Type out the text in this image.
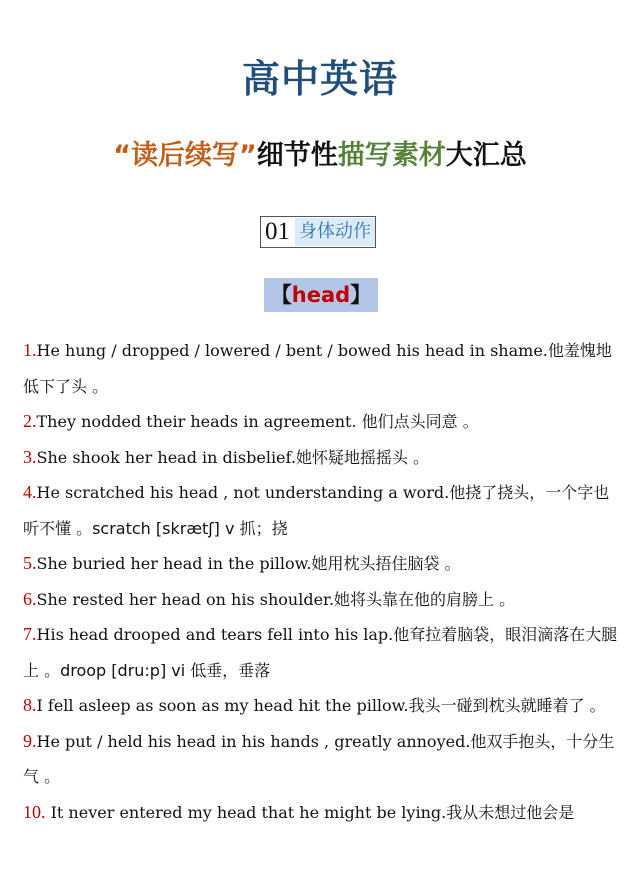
高中英语
“读后续写”细节性描写素材大汇总
01 身体动作
【head】

1.He hung / dropped / lowered / bent / bowed his head in shame.他羞愧地低下了头 。

2.They nodded their heads in agreement. 他们点头同意 。

3.She shook her head in disbelief.她怀疑地摇摇头 。

4.He scratched his head , not understanding a word.他挠了挠头，一个字也听不懂 。scratch [skrætʃ] v 抓；挠

5.She buried her head in the pillow.她用枕头捂住脑袋 。

6.She rested her head on his shoulder.她将头靠在他的肩膀上 。

7.His head drooped and tears fell into his lap.他耷拉着脑袋，眼泪滴落在大腿上 。droop [dru:p] vi 低垂，垂落

8.I fell asleep as soon as my head hit the pillow.我头一碰到枕头就睡着了 。

9.He put / held his head in his hands , greatly annoyed.他双手抱头，十分生气 。

10. It never entered my head that he might be lying.我从未想过他会是
